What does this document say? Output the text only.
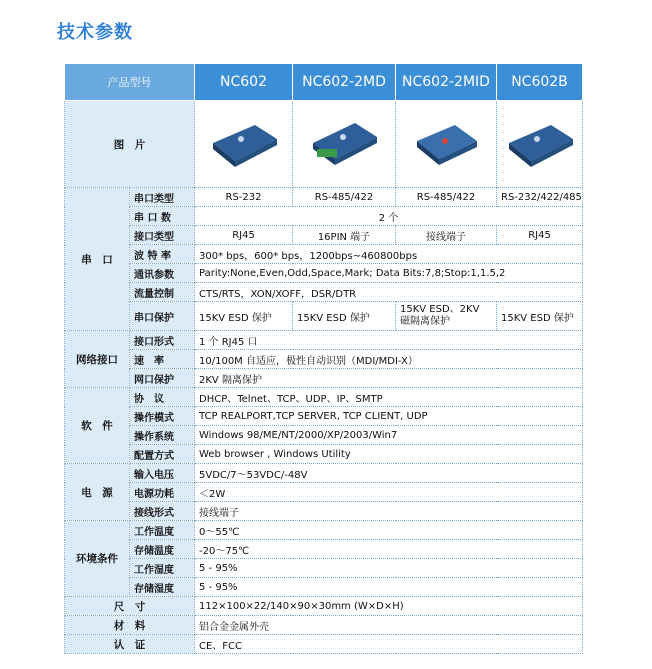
技术参数
产品型号		NC602	NC602-2MD	NC602-2MID	NC602B
图　片				
串　口	串口类型	RS-232	RS-485/422	RS-485/422	RS-232/422/485
	串 口 数	2 个			
	接口类型	RJ45	16PIN 端子	接线端子	RJ45
	波 特 率	300* bps，600* bps，1200bps~460800bps			
	通讯参数	Parity:None,Even,Odd,Space,Mark; Data Bits:7,8;Stop:1,1.5,2			
	流量控制	CTS/RTS，XON/XOFF，DSR/DTR			
	串口保护	15KV ESD 保护	15KV ESD 保护	15KV ESD、2KV 磁隔离保护	15KV ESD 保护
网络接口	接口形式	1 个 RJ45 口			
	速　率	10/100M 自适应，极性自动识别（MDI/MDI-X）			
	网口保护	2KV 隔离保护			
软　件	协　议	DHCP、Telnet、TCP、UDP、IP、SMTP			
	操作模式	TCP REALPORT,TCP SERVER, TCP CLIENT, UDP			
	操作系统	Windows 98/ME/NT/2000/XP/2003/Win7			
	配置方式	Web browser , Windows Utility			
电　源	输入电压	5VDC/7～53VDC/-48V			
	电源功耗	＜2W			
	接线形式	接线端子			
环境条件	工作温度	0～55℃			
	存储温度	-20～75℃			
	工作湿度	5 - 95%			
	存储湿度	5 - 95%			
尺　寸		112×100×22/140×90×30mm (W×D×H)			
材　料		铝合金金属外壳			
认　证		CE、FCC			
